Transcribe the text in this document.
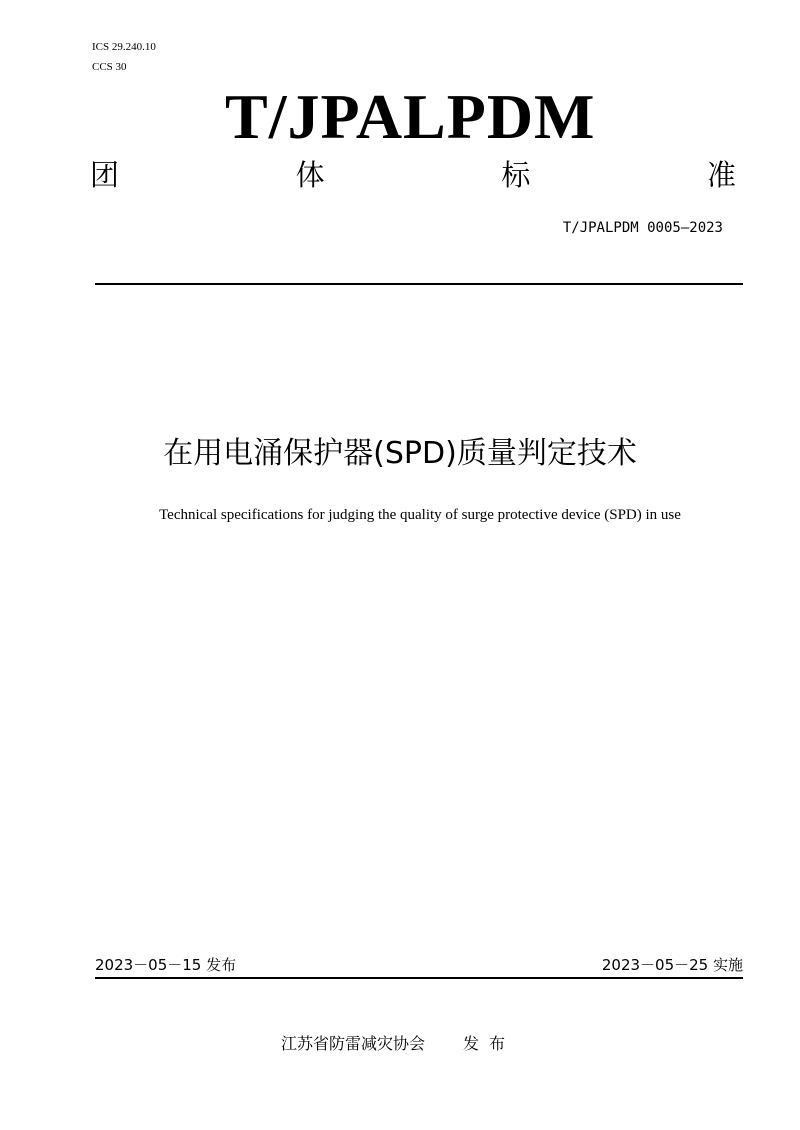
ICS 29.240.10
CCS 30
T/JPALPDM
团	体	标	准
T/JPALPDM 0005—2023
在用电涌保护器(SPD)质量判定技术
Technical specifications for judging the quality of surge protective device (SPD) in use
2023－05－15 发布	2023－05－25 实施
江苏省防雷减灾协会 发布
